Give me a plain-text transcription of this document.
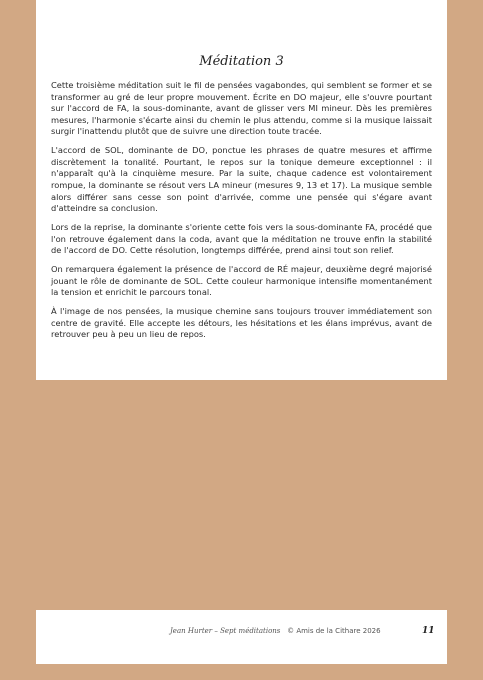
Méditation 3

Cette troisième méditation suit le fil de pensées vagabondes, qui semblent se former et se transformer au gré de leur propre mouvement. Écrite en DO majeur, elle s'ouvre pourtant sur l'accord de FA, la sous-dominante, avant de glisser vers MI mineur. Dès les premières mesures, l'harmonie s'écarte ainsi du chemin le plus attendu, comme si la musique laissait surgir l'inattendu plutôt que de suivre une direction toute tracée.

L'accord de SOL, dominante de DO, ponctue les phrases de quatre mesures et affirme discrètement la tonalité. Pourtant, le repos sur la tonique demeure exceptionnel : il n'apparaît qu'à la cinquième mesure. Par la suite, chaque cadence est volontairement rompue, la dominante se résout vers LA mineur (mesures 9, 13 et 17). La musique semble alors différer sans cesse son point d'arrivée, comme une pensée qui s'égare avant d'atteindre sa conclusion.

Lors de la reprise, la dominante s'oriente cette fois vers la sous-dominante FA, procédé que l'on retrouve également dans la coda, avant que la méditation ne trouve enfin la stabilité de l'accord de DO. Cette résolution, longtemps différée, prend ainsi tout son relief.

On remarquera également la présence de l'accord de RÉ majeur, deuxième degré majorisé jouant le rôle de dominante de SOL. Cette couleur harmonique intensifie momentanément la tension et enrichit le parcours tonal.

À l'image de nos pensées, la musique chemine sans toujours trouver immédiatement son centre de gravité. Elle accepte les détours, les hésitations et les élans imprévus, avant de retrouver peu à peu un lieu de repos.

Jean Hurter – Sept méditations © Amis de la Cithare 2026	11
